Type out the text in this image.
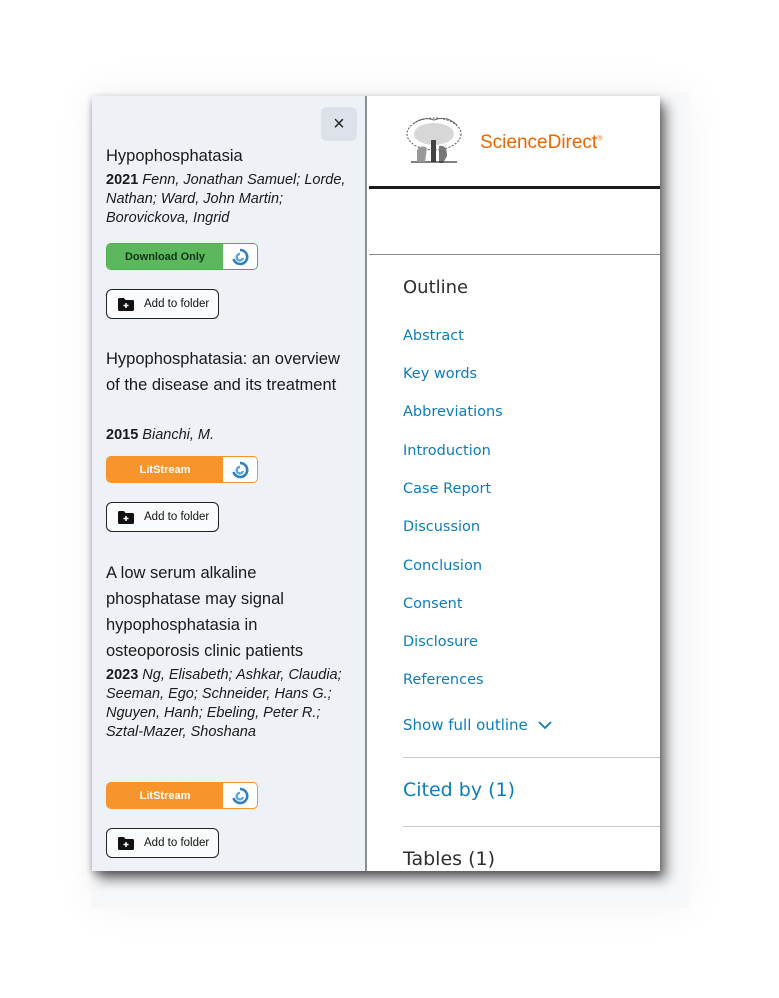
×
Hypophosphatasia
2021 Fenn, Jonathan Samuel; Lorde, Nathan; Ward, John Martin; Borovickova, Ingrid
Download Only
Add to folder
Hypophosphatasia: an overview of the disease and its treatment
2015 Bianchi, M.
LitStream
Add to folder
A low serum alkaline phosphatase may signal hypophosphatasia in osteoporosis clinic patients
2023 Ng, Elisabeth; Ashkar, Claudia; Seeman, Ego; Schneider, Hans G.; Nguyen, Hanh; Ebeling, Peter R.; Sztal-Mazer, Shoshana
LitStream
Add to folder
ScienceDirect®
Outline
Abstract
Key words
Abbreviations
Introduction
Case Report
Discussion
Conclusion
Consent
Disclosure
References
Show full outline
Cited by (1)
Tables (1)
